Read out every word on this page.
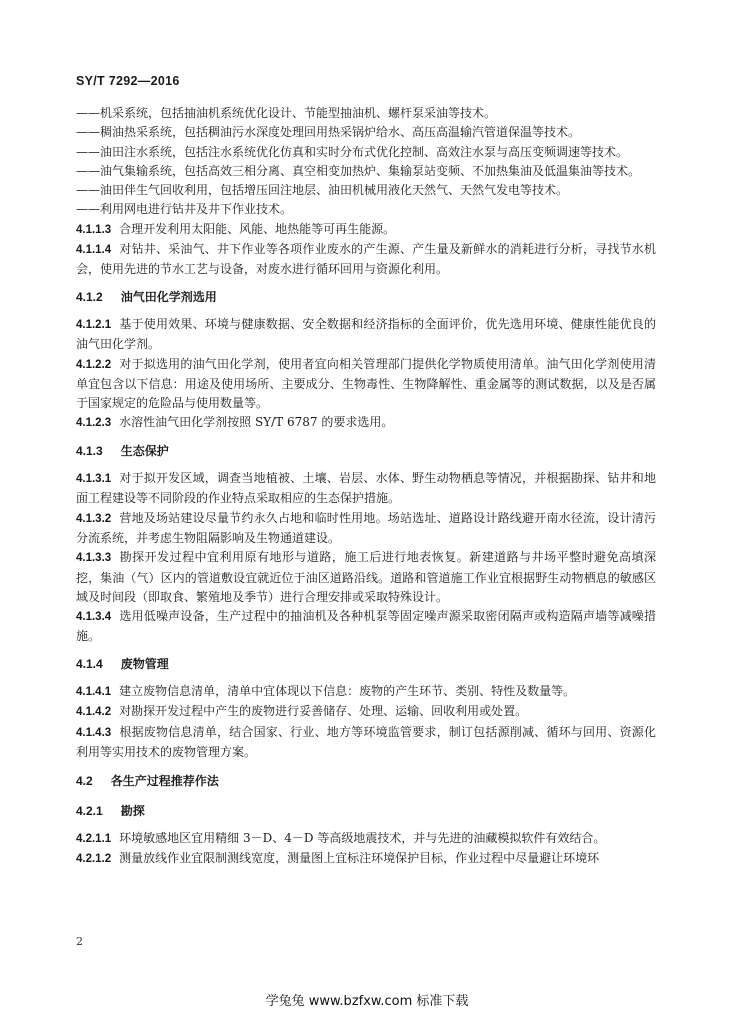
SY/T 7292—2016

——机采系统，包括抽油机系统优化设计、节能型抽油机、螺杆泵采油等技术。

——稠油热采系统，包括稠油污水深度处理回用热采锅炉给水、高压高温输汽管道保温等技术。

——油田注水系统，包括注水系统优化仿真和实时分布式优化控制、高效注水泵与高压变频调速等技术。

——油气集输系统，包括高效三相分离、真空相变加热炉、集输泵站变频、不加热集油及低温集油等技术。

——油田伴生气回收利用，包括增压回注地层、油田机械用液化天然气、天然气发电等技术。

——利用网电进行钻井及井下作业技术。

4.1.1.3 合理开发利用太阳能、风能、地热能等可再生能源。

4.1.1.4 对钻井、采油气、井下作业等各项作业废水的产生源、产生量及新鲜水的消耗进行分析，寻找节水机会，使用先进的节水工艺与设备，对废水进行循环回用与资源化利用。

4.1.2 油气田化学剂选用

4.1.2.1 基于使用效果、环境与健康数据、安全数据和经济指标的全面评价，优先选用环境、健康性能优良的油气田化学剂。

4.1.2.2 对于拟选用的油气田化学剂，使用者宜向相关管理部门提供化学物质使用清单。油气田化学剂使用清单宜包含以下信息：用途及使用场所、主要成分、生物毒性、生物降解性、重金属等的测试数据，以及是否属于国家规定的危险品与使用数量等。

4.1.2.3 水溶性油气田化学剂按照 SY/T 6787 的要求选用。

4.1.3 生态保护

4.1.3.1 对于拟开发区域，调查当地植被、土壤、岩层、水体、野生动物栖息等情况，并根据勘探、钻井和地面工程建设等不同阶段的作业特点采取相应的生态保护措施。

4.1.3.2 营地及场站建设尽量节约永久占地和临时性用地。场站选址、道路设计路线避开南水径流，设计清污分流系统，并考虑生物阻隔影响及生物通道建设。

4.1.3.3 勘探开发过程中宜利用原有地形与道路，施工后进行地表恢复。新建道路与井场平整时避免高填深挖，集油（气）区内的管道敷设宜就近位于油区道路沿线。道路和管道施工作业宜根据野生动物栖息的敏感区域及时间段（即取食、繁殖地及季节）进行合理安排或采取特殊设计。

4.1.3.4 选用低噪声设备，生产过程中的抽油机及各种机泵等固定噪声源采取密闭隔声或构造隔声墙等减噪措施。

4.1.4 废物管理

4.1.4.1 建立废物信息清单，清单中宜体现以下信息：废物的产生环节、类别、特性及数量等。

4.1.4.2 对勘探开发过程中产生的废物进行妥善储存、处理、运输、回收利用或处置。

4.1.4.3 根据废物信息清单，结合国家、行业、地方等环境监管要求，制订包括源削减、循环与回用、资源化利用等实用技术的废物管理方案。

4.2 各生产过程推荐作法

4.2.1 勘探

4.2.1.1 环境敏感地区宜用精细 3－D、4－D 等高级地震技术，并与先进的油藏模拟软件有效结合。

4.2.1.2 测量放线作业宜限制测线宽度，测量图上宜标注环境保护目标，作业过程中尽量避让环境环

2
学兔兔 www.bzfxw.com 标准下载
